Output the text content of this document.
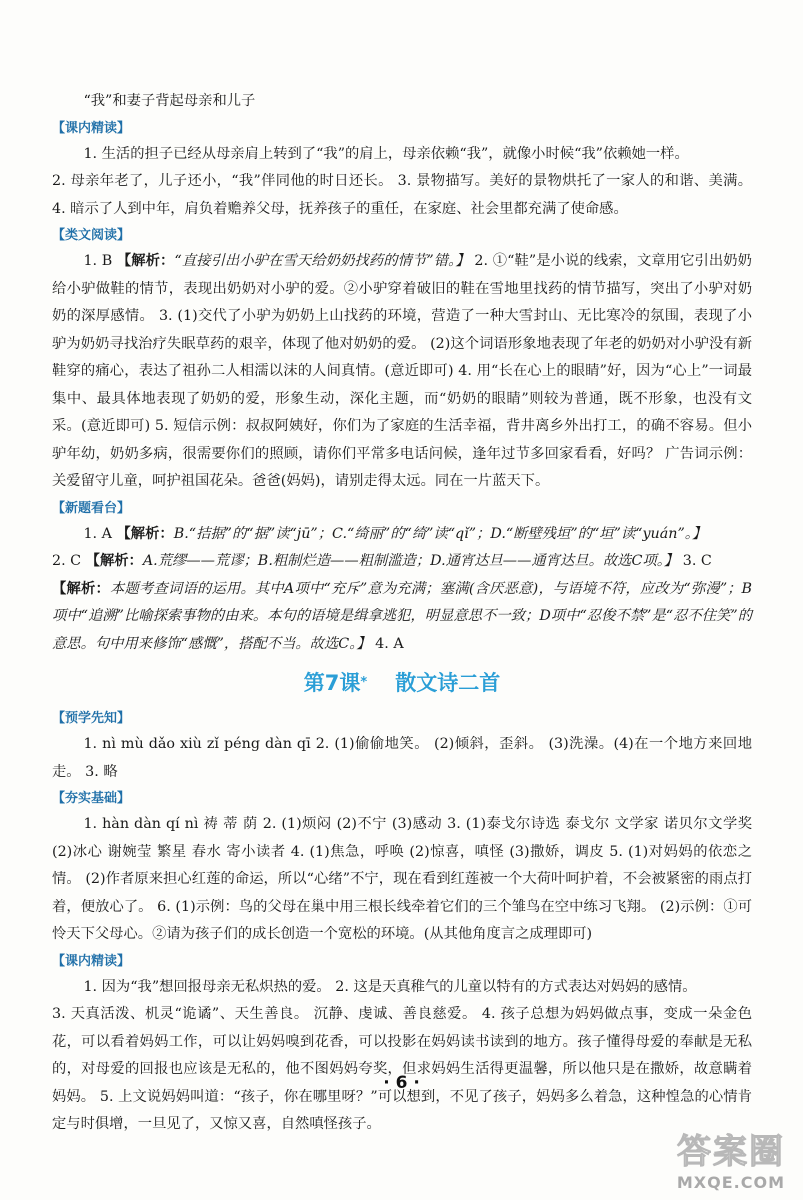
“我”和妻子背起母亲和儿子

【课内精读】

1. 生活的担子已经从母亲肩上转到了“我”的肩上，母亲依赖“我”，就像小时候“我”依赖她一样。

2. 母亲年老了，儿子还小，“我”伴同他的时日还长。 3. 景物描写。美好的景物烘托了一家人的和谐、美满。 4. 暗示了人到中年，肩负着赡养父母，抚养孩子的重任，在家庭、社会里都充满了使命感。

【类文阅读】

1. B 【解析：“直接引出小驴在雪天给奶奶找药的情节”错。】 2. ①“鞋”是小说的线索，文章用它引出奶奶给小驴做鞋的情节，表现出奶奶对小驴的爱。②小驴穿着破旧的鞋在雪地里找药的情节描写，突出了小驴对奶奶的深厚感情。 3. (1)交代了小驴为奶奶上山找药的环境，营造了一种大雪封山、无比寒冷的氛围，表现了小驴为奶奶寻找治疗失眠草药的艰辛，体现了他对奶奶的爱。 (2)这个词语形象地表现了年老的奶奶对小驴没有新鞋穿的痛心，表达了祖孙二人相濡以沫的人间真情。(意近即可) 4. 用“长在心上的眼睛”好，因为“心上”一词最集中、最具体地表现了奶奶的爱，形象生动，深化主题，而“奶奶的眼睛”则较为普通，既不形象，也没有文采。(意近即可) 5. 短信示例：叔叔阿姨好，你们为了家庭的生活幸福，背井离乡外出打工，的确不容易。但小驴年幼，奶奶多病，很需要你们的照顾，请你们平常多电话问候，逢年过节多回家看看，好吗？ 广告词示例：关爱留守儿童，呵护祖国花朵。爸爸(妈妈)，请别走得太远。同在一片蓝天下。

【新题看台】

1. A 【解析：B.“拮据”的“据”读“jū”；C.“绮丽”的“绮”读“qǐ”；D.“断壁残垣”的“垣”读“yuán”。】

2. C 【解析：A.荒缪——荒谬；B.粗制烂造——粗制滥造；D.通宵达旦——通宵达旦。故选C项。】 3. C

【解析：本题考查词语的运用。其中A项中“充斥”意为充满；塞满(含厌恶意)，与语境不符，应改为“弥漫”；B项中“追溯”比喻探索事物的由来。本句的语境是缉拿逃犯，明显意思不一致；D项中“忍俊不禁”是“忍不住笑”的意思。句中用来修饰“感慨”，搭配不当。故选C。】 4. A

第7课* 散文诗二首

【预学先知】

1. nì mù dǎo xiù zǐ péng dàn qī 2. (1)偷偷地笑。 (2)倾斜，歪斜。 (3)洗澡。(4)在一个地方来回地走。 3. 略

【夯实基础】

1. hàn dàn qí nì 祷 蒂 荫 2. (1)烦闷 (2)不宁 (3)感动 3. (1)泰戈尔诗选 泰戈尔 文学家 诺贝尔文学奖 (2)冰心 谢婉莹 繁星 春水 寄小读者 4. (1)焦急，呼唤 (2)惊喜，嗔怪 (3)撒娇，调皮 5. (1)对妈妈的依恋之情。 (2)作者原来担心红莲的命运，所以“心绪”不宁，现在看到红莲被一个大荷叶呵护着，不会被紧密的雨点打着，便放心了。 6. (1)示例：鸟的父母在巢中用三根长线牵着它们的三个雏鸟在空中练习飞翔。 (2)示例：①可怜天下父母心。②请为孩子们的成长创造一个宽松的环境。(从其他角度言之成理即可)

【课内精读】

1. 因为“我”想回报母亲无私炽热的爱。 2. 这是天真稚气的儿童以特有的方式表达对妈妈的感情。

3. 天真活泼、机灵“诡谲”、天生善良。 沉静、虔诚、善良慈爱。 4. 孩子总想为妈妈做点事，变成一朵金色花，可以看着妈妈工作，可以让妈妈嗅到花香，可以投影在妈妈读书读到的地方。孩子懂得母爱的奉献是无私的，对母爱的回报也应该是无私的，他不图妈妈夸奖，但求妈妈生活得更温馨，所以他只是在撒娇，故意瞒着妈妈。 5. 上文说妈妈叫道：“孩子，你在哪里呀？”可以想到，不见了孩子，妈妈多么着急，这种惶急的心情肯定与时俱增，一旦见了，又惊又喜，自然嗔怪孩子。

· 6 ·
答案圈
MXQE.COM
